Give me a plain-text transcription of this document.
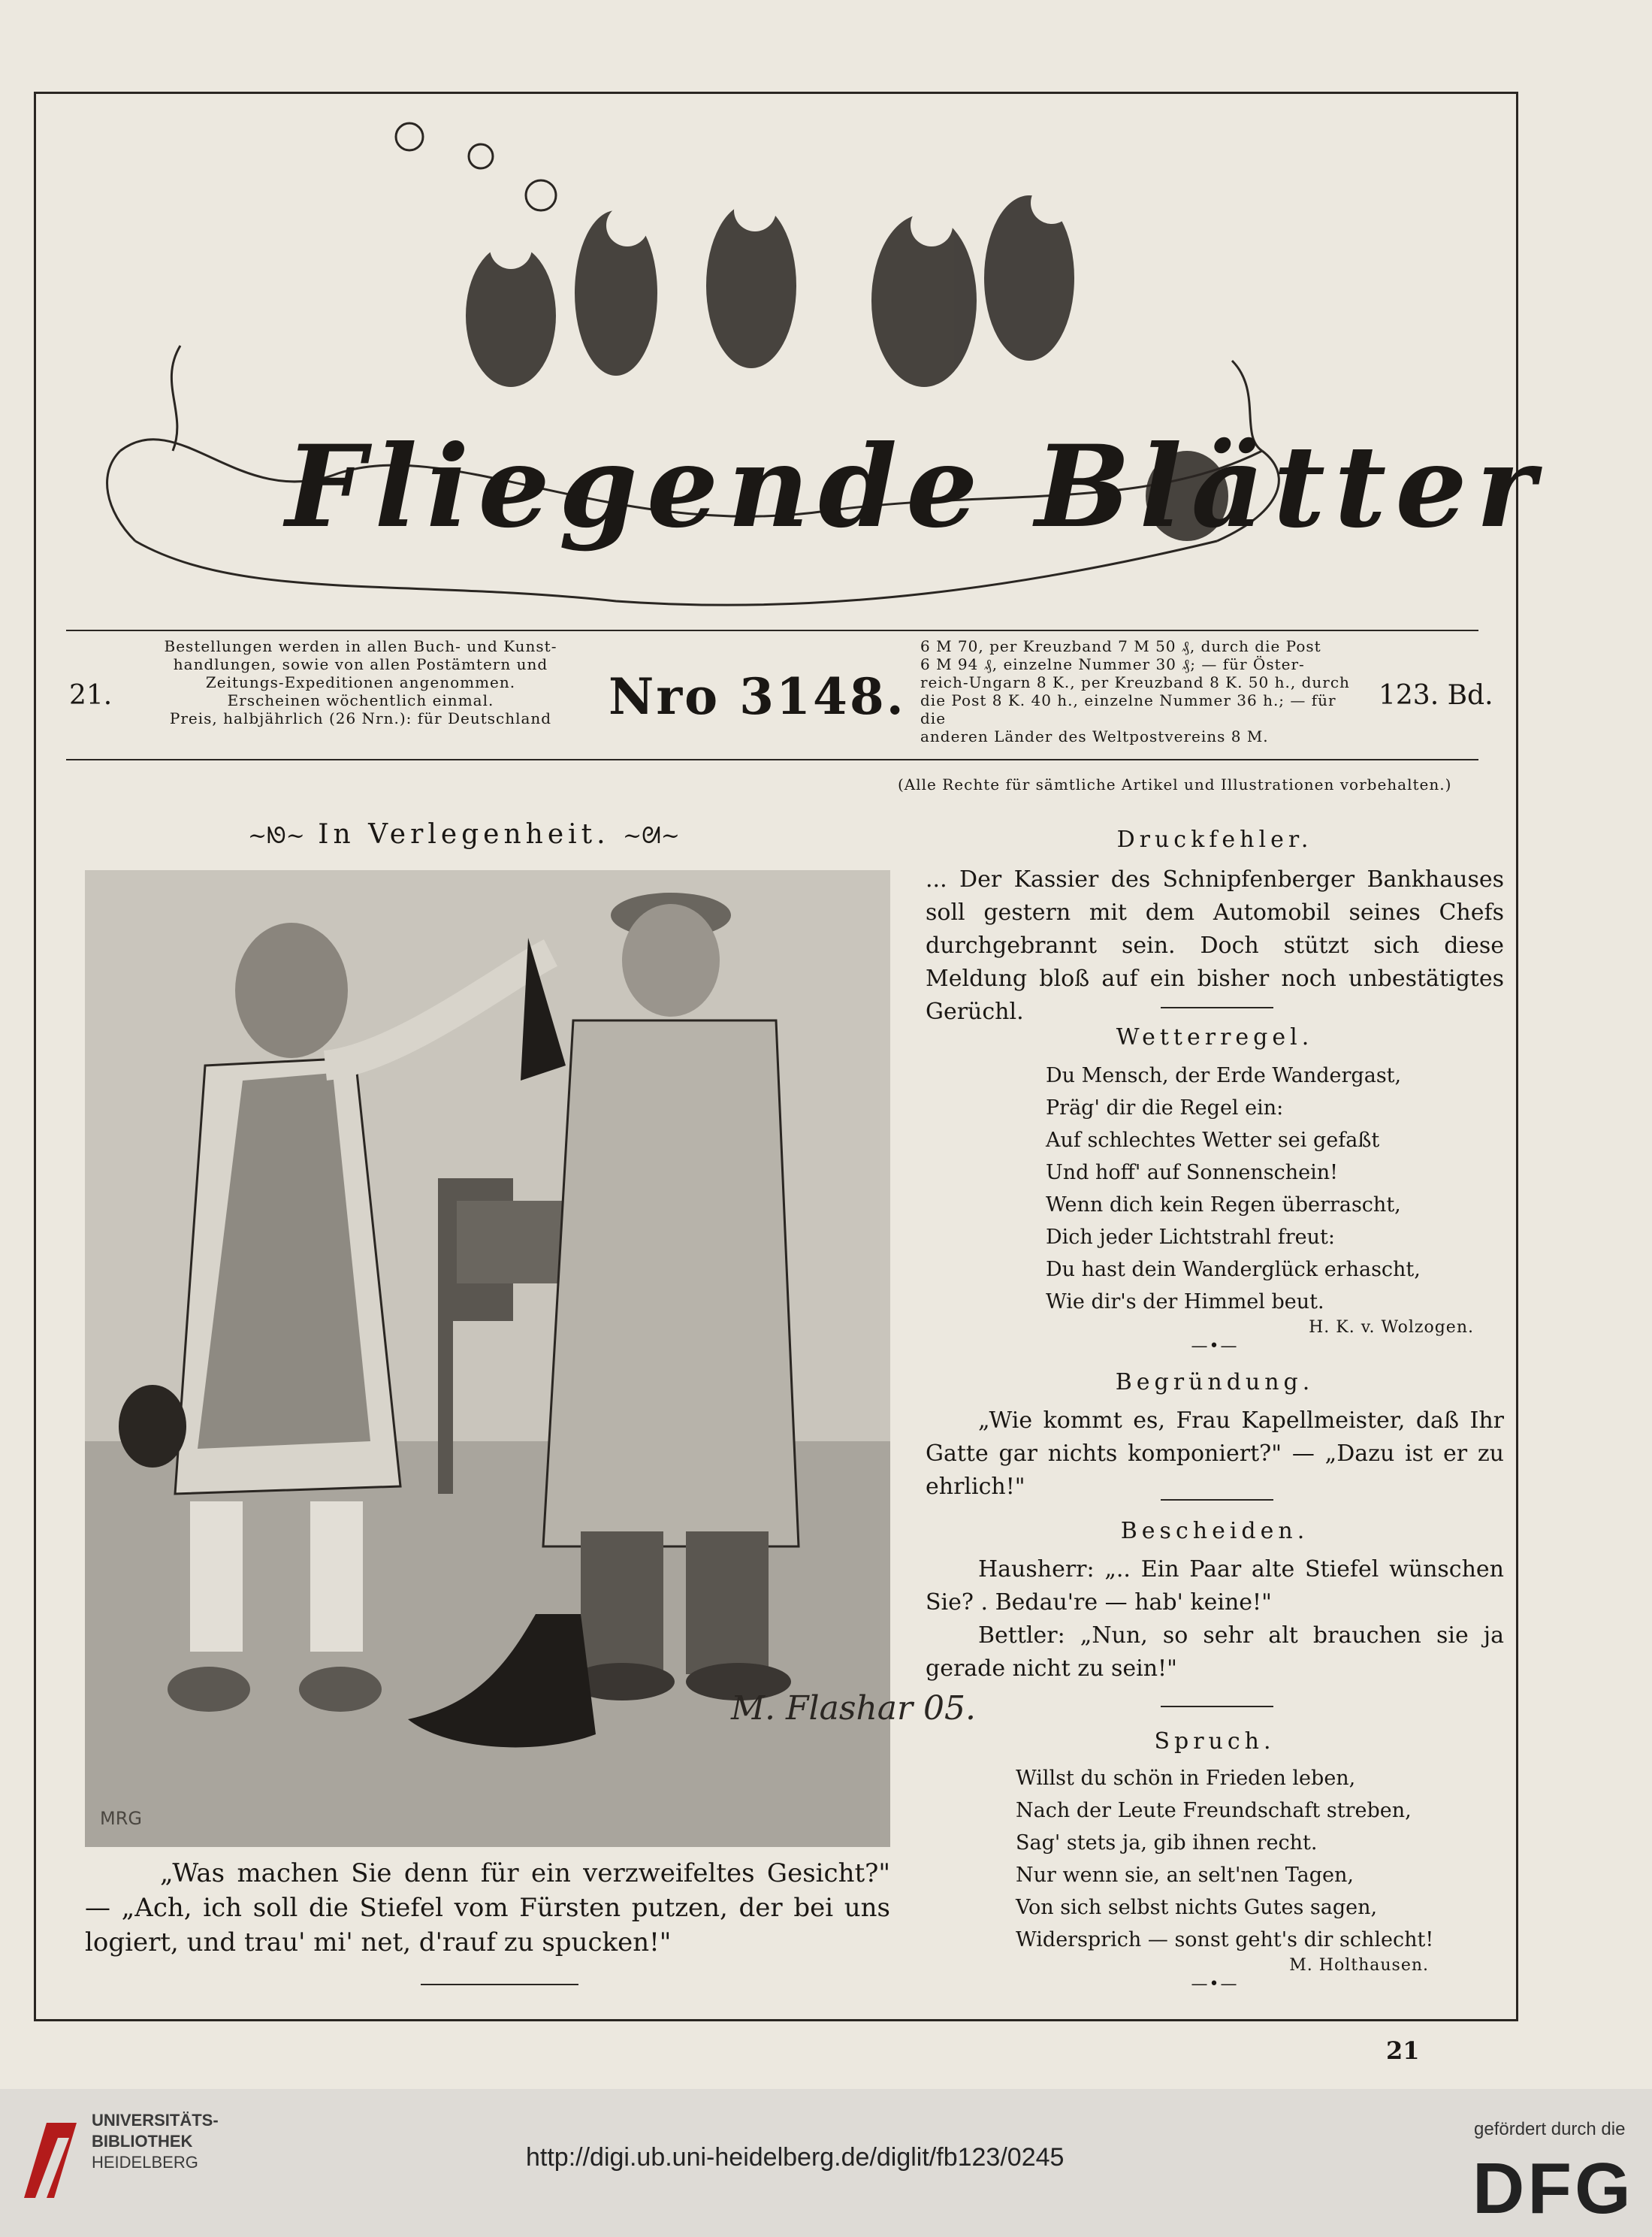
Fliegende Blätter
21.
Bestellungen werden in allen Buch- und Kunst-
handlungen, sowie von allen Postämtern und
Zeitungs-Expeditionen angenommen.
Erscheinen wöchentlich einmal.
Preis, halbjährlich (26 Nrn.): für Deutschland	Nro 3148.
6 M 70, per Kreuzband 7 M 50 ₰, durch die Post
6 M 94 ₰, einzelne Nummer 30 ₰; — für Öster-
reich-Ungarn 8 K., per Kreuzband 8 K. 50 h., durch
die Post 8 K. 40 h., einzelne Nummer 36 h.; — für die
anderen Länder des Weltpostvereins 8 M.
123. Bd.
(Alle Rechte für sämtliche Artikel und Illustrationen vorbehalten.)
~ᘚ~ In Verlegenheit. ~ᘛ~
MRG
M. Flashar 05.
„Was machen Sie denn für ein verzweifeltes Gesicht?" — „Ach, ich soll die Stiefel vom Fürsten putzen, der bei uns logiert, und trau' mi' net, d'rauf zu spucken!"
Druckfehler.
... Der Kassier des Schnipfenberger Bankhauses soll gestern mit dem Automobil seines Chefs durchgebrannt sein. Doch stützt sich diese Meldung bloß auf ein bisher noch unbestätigtes Gerüchl.
Wetterregel.
Du Mensch, der Erde Wandergast,
Präg' dir die Regel ein:
Auf schlechtes Wetter sei gefaßt
Und hoff' auf Sonnenschein!
Wenn dich kein Regen überrascht,
Dich jeder Lichtstrahl freut:
Du hast dein Wanderglück erhascht,
Wie dir's der Himmel beut.
H. K. v. Wolzogen.
—•—
Begründung.
„Wie kommt es, Frau Kapellmeister, daß Ihr Gatte gar nichts komponiert?" — „Dazu ist er zu ehrlich!"
Bescheiden.
Hausherr: „.. Ein Paar alte Stiefel wünschen Sie? . Bedau're — hab' keine!"
Bettler: „Nun, so sehr alt brauchen sie ja gerade nicht zu sein!"
Spruch.
Willst du schön in Frieden leben,
Nach der Leute Freundschaft streben,
Sag' stets ja, gib ihnen recht.
Nur wenn sie, an selt'nen Tagen,
Von sich selbst nichts Gutes sagen,
Widersprich — sonst geht's dir schlecht!
M. Holthausen.
—•—
21
UNIVERSITÄTS-
BIBLIOTHEK
HEIDELBERG	http://digi.ub.uni-heidelberg.de/diglit/fb123/0245
gefördert durch die
DFG
